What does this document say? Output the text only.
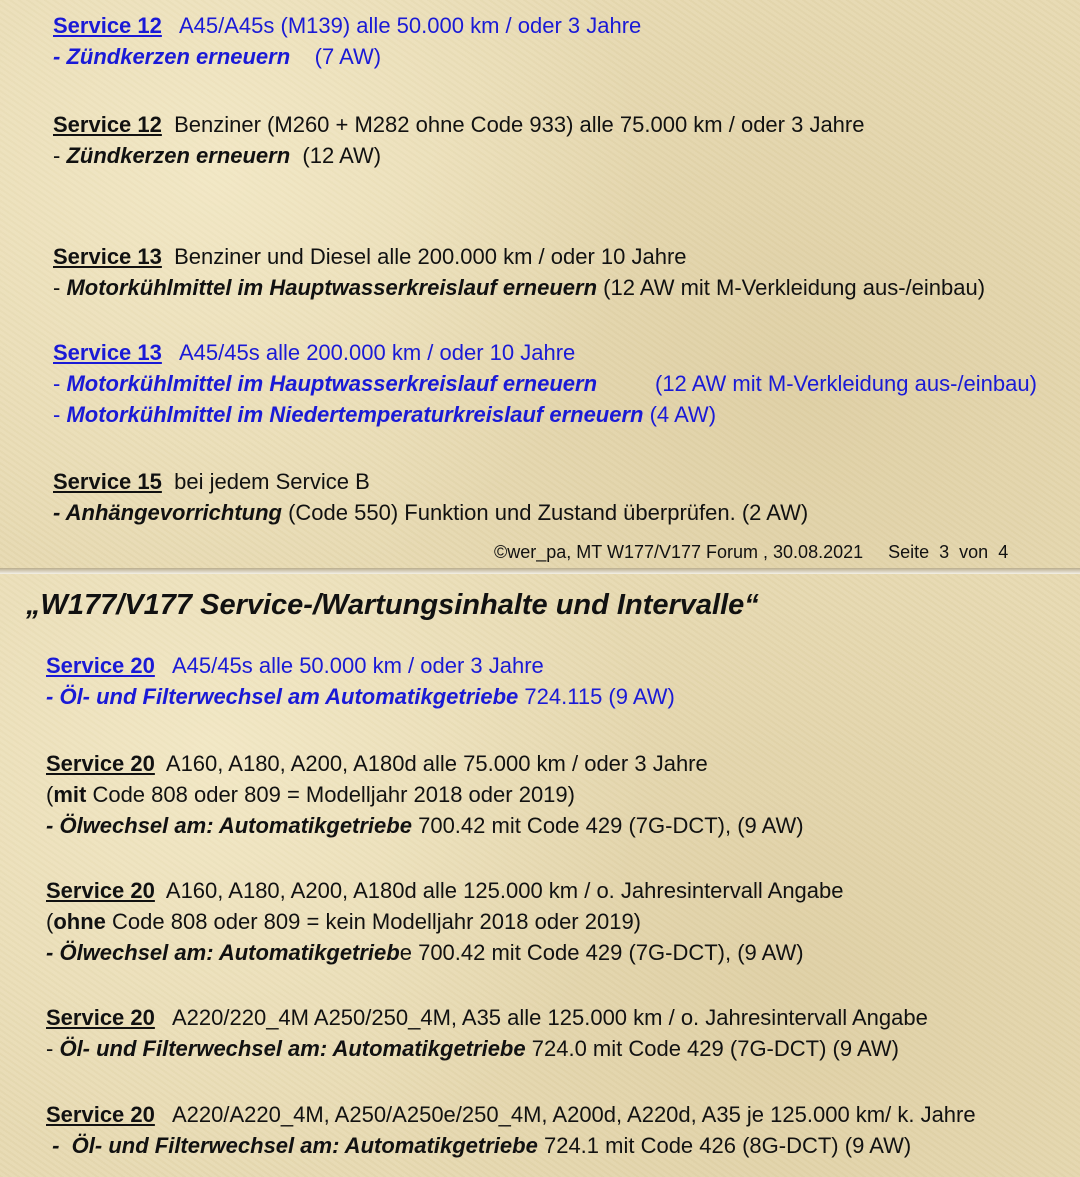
Service 12 A45/A45s (M139) alle 50.000 km / oder 3 Jahre
- Zündkerzen erneuern (7 AW)
Service 12 Benziner (M260 + M282 ohne Code 933) alle 75.000 km / oder 3 Jahre
- Zündkerzen erneuern (12 AW)
Service 13 Benziner und Diesel alle 200.000 km / oder 10 Jahre
- Motorkühlmittel im Hauptwasserkreislauf erneuern (12 AW mit M-Verkleidung aus-/einbau)
Service 13 A45/45s alle 200.000 km / oder 10 Jahre
- Motorkühlmittel im Hauptwasserkreislauf erneuern	(12 AW mit M-Verkleidung aus-/einbau)
- Motorkühlmittel im Niedertemperaturkreislauf erneuern (4 AW)
Service 15 bei jedem Service B
- Anhängevorrichtung (Code 550) Funktion und Zustand überprüfen. (2 AW)
©wer_pa, MT W177/V177 Forum , 30.08.2021     Seite  3  von  4
„W177/V177 Service-/Wartungsinhalte und Intervalle“
Service 20 A45/45s alle 50.000 km / oder 3 Jahre
- Öl- und Filterwechsel am Automatikgetriebe 724.115 (9 AW)
Service 20 A160, A180, A200, A180d alle 75.000 km / oder 3 Jahre
(mit Code 808 oder 809 = Modelljahr 2018 oder 2019)
- Ölwechsel am: Automatikgetriebe 700.42 mit Code 429 (7G-DCT), (9 AW)
Service 20 A160, A180, A200, A180d alle 125.000 km / o. Jahresintervall Angabe
(ohne Code 808 oder 809 = kein Modelljahr 2018 oder 2019)
- Ölwechsel am: Automatikgetriebe 700.42 mit Code 429 (7G-DCT), (9 AW)
Service 20 A220/220_4M A250/250_4M, A35 alle 125.000 km / o. Jahresintervall Angabe
- Öl- und Filterwechsel am: Automatikgetriebe 724.0 mit Code 429 (7G-DCT) (9 AW)
Service 20 A220/A220_4M, A250/A250e/250_4M, A200d, A220d, A35 je 125.000 km/ k. Jahre
-  Öl- und Filterwechsel am: Automatikgetriebe 724.1 mit Code 426 (8G-DCT) (9 AW)
